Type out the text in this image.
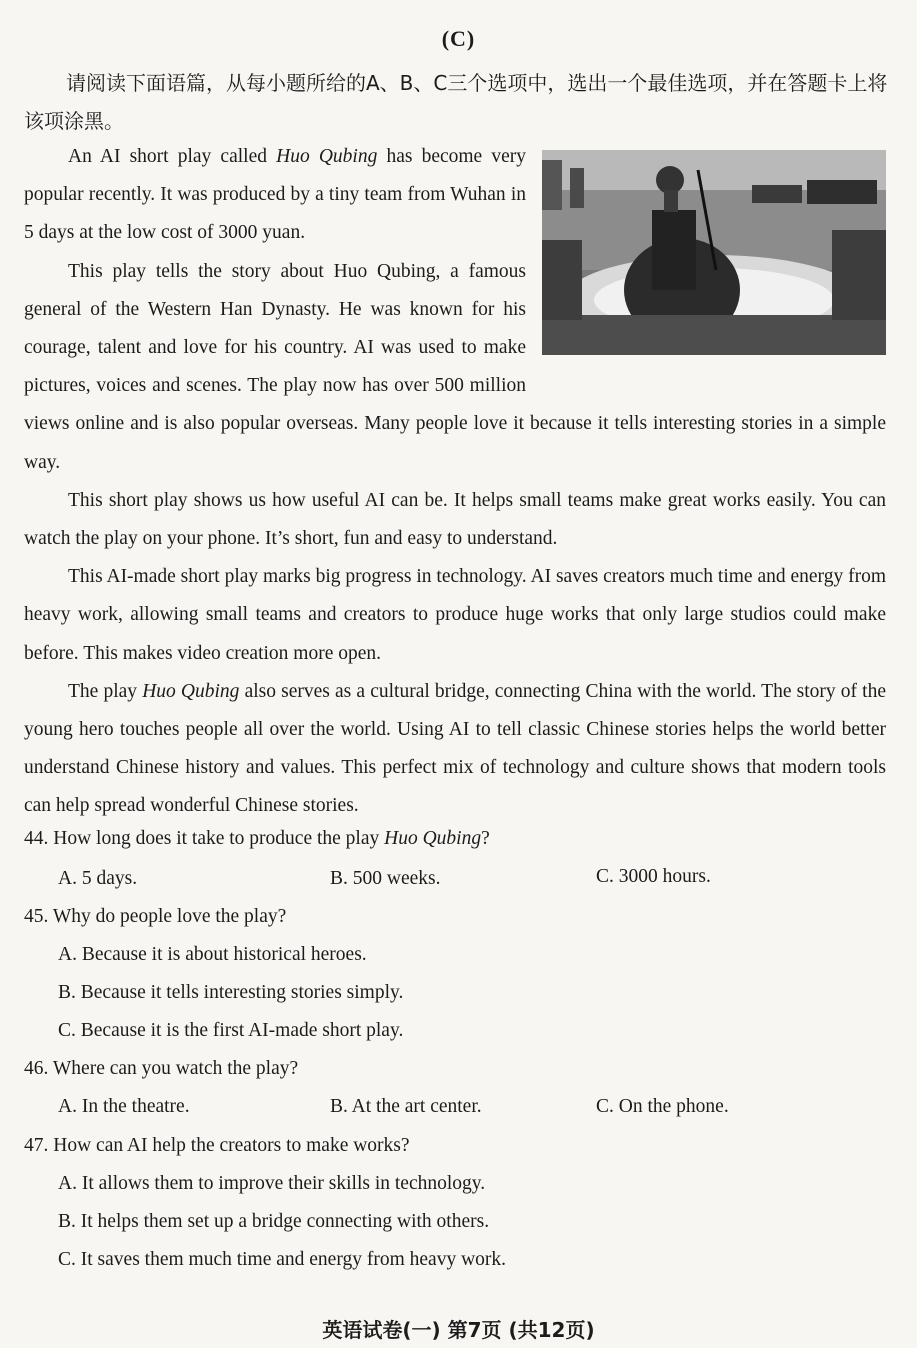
(C)
请阅读下面语篇，从每小题所给的A、B、C三个选项中，选出一个最佳选项，并在答题卡上将该项涂黑。

An AI short play called Huo Qubing has become very popular recently. It was produced by a tiny team from Wuhan in 5 days at the low cost of 3000 yuan.

This play tells the story about Huo Qubing, a famous general of the Western Han Dynasty. He was known for his courage, talent and love for his country. AI was used to make pictures, voices and scenes. The play now has over 500 million views online and is also popular overseas. Many people love it because it tells interesting stories in a simple way.

This short play shows us how useful AI can be. It helps small teams make great works easily. You can watch the play on your phone. It’s short, fun and easy to understand.

This AI-made short play marks big progress in technology. AI saves creators much time and energy from heavy work, allowing small teams and creators to produce huge works that only large studios could make before. This makes video creation more open.

The play Huo Qubing also serves as a cultural bridge, connecting China with the world. The story of the young hero touches people all over the world. Using AI to tell classic Chinese stories helps the world better understand Chinese history and values. This perfect mix of technology and culture shows that modern tools can help spread wonderful Chinese stories.

44. How long does it take to produce the play Huo Qubing?
A. 5 days.	B. 500 weeks.	C. 3000 hours.
45. Why do people love the play?
A. Because it is about historical heroes.
B. Because it tells interesting stories simply.
C. Because it is the first AI-made short play.
46. Where can you watch the play?
A. In the theatre.	B. At the art center.	C. On the phone.
47. How can AI help the creators to make works?
A. It allows them to improve their skills in technology.
B. It helps them set up a bridge connecting with others.
C. It saves them much time and energy from heavy work.
英语试卷(一) 第7页 (共12页)
